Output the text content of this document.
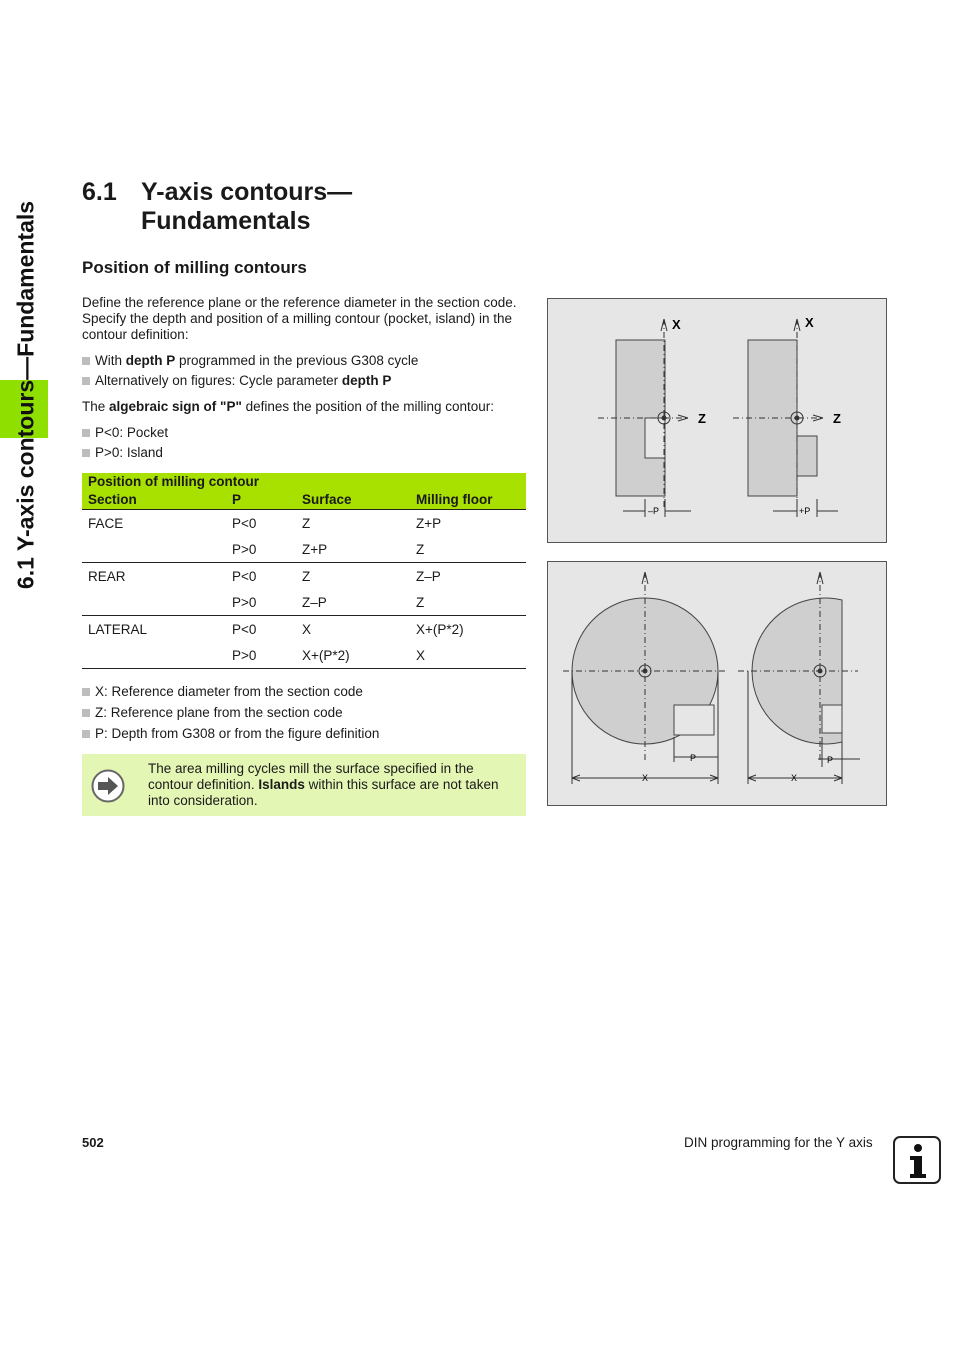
6.1 Y-axis contours—Fundamentals
6.1 Y-axis contours— Fundamentals
Position of milling contours
Define the reference plane or the reference diameter in the section code. Specify the depth and position of a milling contour (pocket, island) in the contour definition:
With depth P programmed in the previous G308 cycle
Alternatively on figures: Cycle parameter depth P
The algebraic sign of "P" defines the position of the milling contour:
P<0: Pocket
P>0: Island
Position of milling contour			
Section	P	Surface	Milling floor
FACE	P<0	Z	Z+P
	P>0	Z+P	Z
REAR	P<0	Z	Z–P
	P>0	Z–P	Z
LATERAL	P<0	X	X+(P*2)
	P>0	X+(P*2)	X
X: Reference diameter from the section code
Z: Reference plane from the section code
P: Depth from G308 or from the figure definition
The area milling cycles mill the surface specified in the contour definition. Islands within this surface are not taken into consideration.
X
Z
–P
X
Z
+P
X
P
X
P
502	DIN programming for the Y axis
